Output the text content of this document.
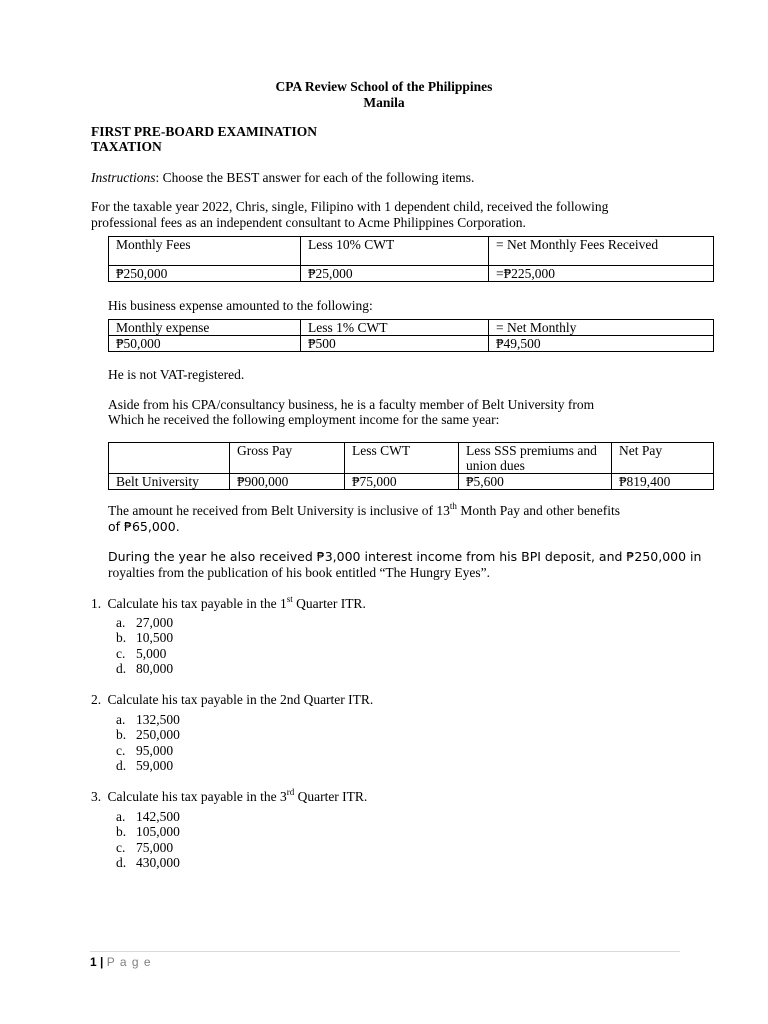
CPA Review School of the Philippines
Manila
FIRST PRE-BOARD EXAMINATION
TAXATION
Instructions: Choose the BEST answer for each of the following items.
For the taxable year 2022, Chris, single, Filipino with 1 dependent child, received the following
professional fees as an independent consultant to Acme Philippines Corporation.
Monthly Fees	Less 10% CWT	= Net Monthly Fees Received
₱250,000	₱25,000	=₱225,000
His business expense amounted to the following:
Monthly expense	Less 1% CWT	= Net Monthly
₱50,000	₱500	₱49,500
He is not VAT-registered.
Aside from his CPA/consultancy business, he is a faculty member of Belt University from
Which he received the following employment income for the same year:
	Gross Pay	Less CWT	Less SSS premiums and union dues	Net Pay
Belt University	₱900,000	₱75,000	₱5,600	₱819,400
The amount he received from Belt University is inclusive of 13th Month Pay and other benefits
of ₱65,000.
During the year he also received ₱3,000 interest income from his BPI deposit, and ₱250,000 in
royalties from the publication of his book entitled “The Hungry Eyes”.
1. Calculate his tax payable in the 1st Quarter ITR.
a. 27,000
b. 10,500
c. 5,000
d. 80,000
2. Calculate his tax payable in the 2nd Quarter ITR.
a. 132,500
b. 250,000
c. 95,000
d. 59,000
3. Calculate his tax payable in the 3rd Quarter ITR.
a. 142,500
b. 105,000
c. 75,000
d. 430,000
1 | P a g e
